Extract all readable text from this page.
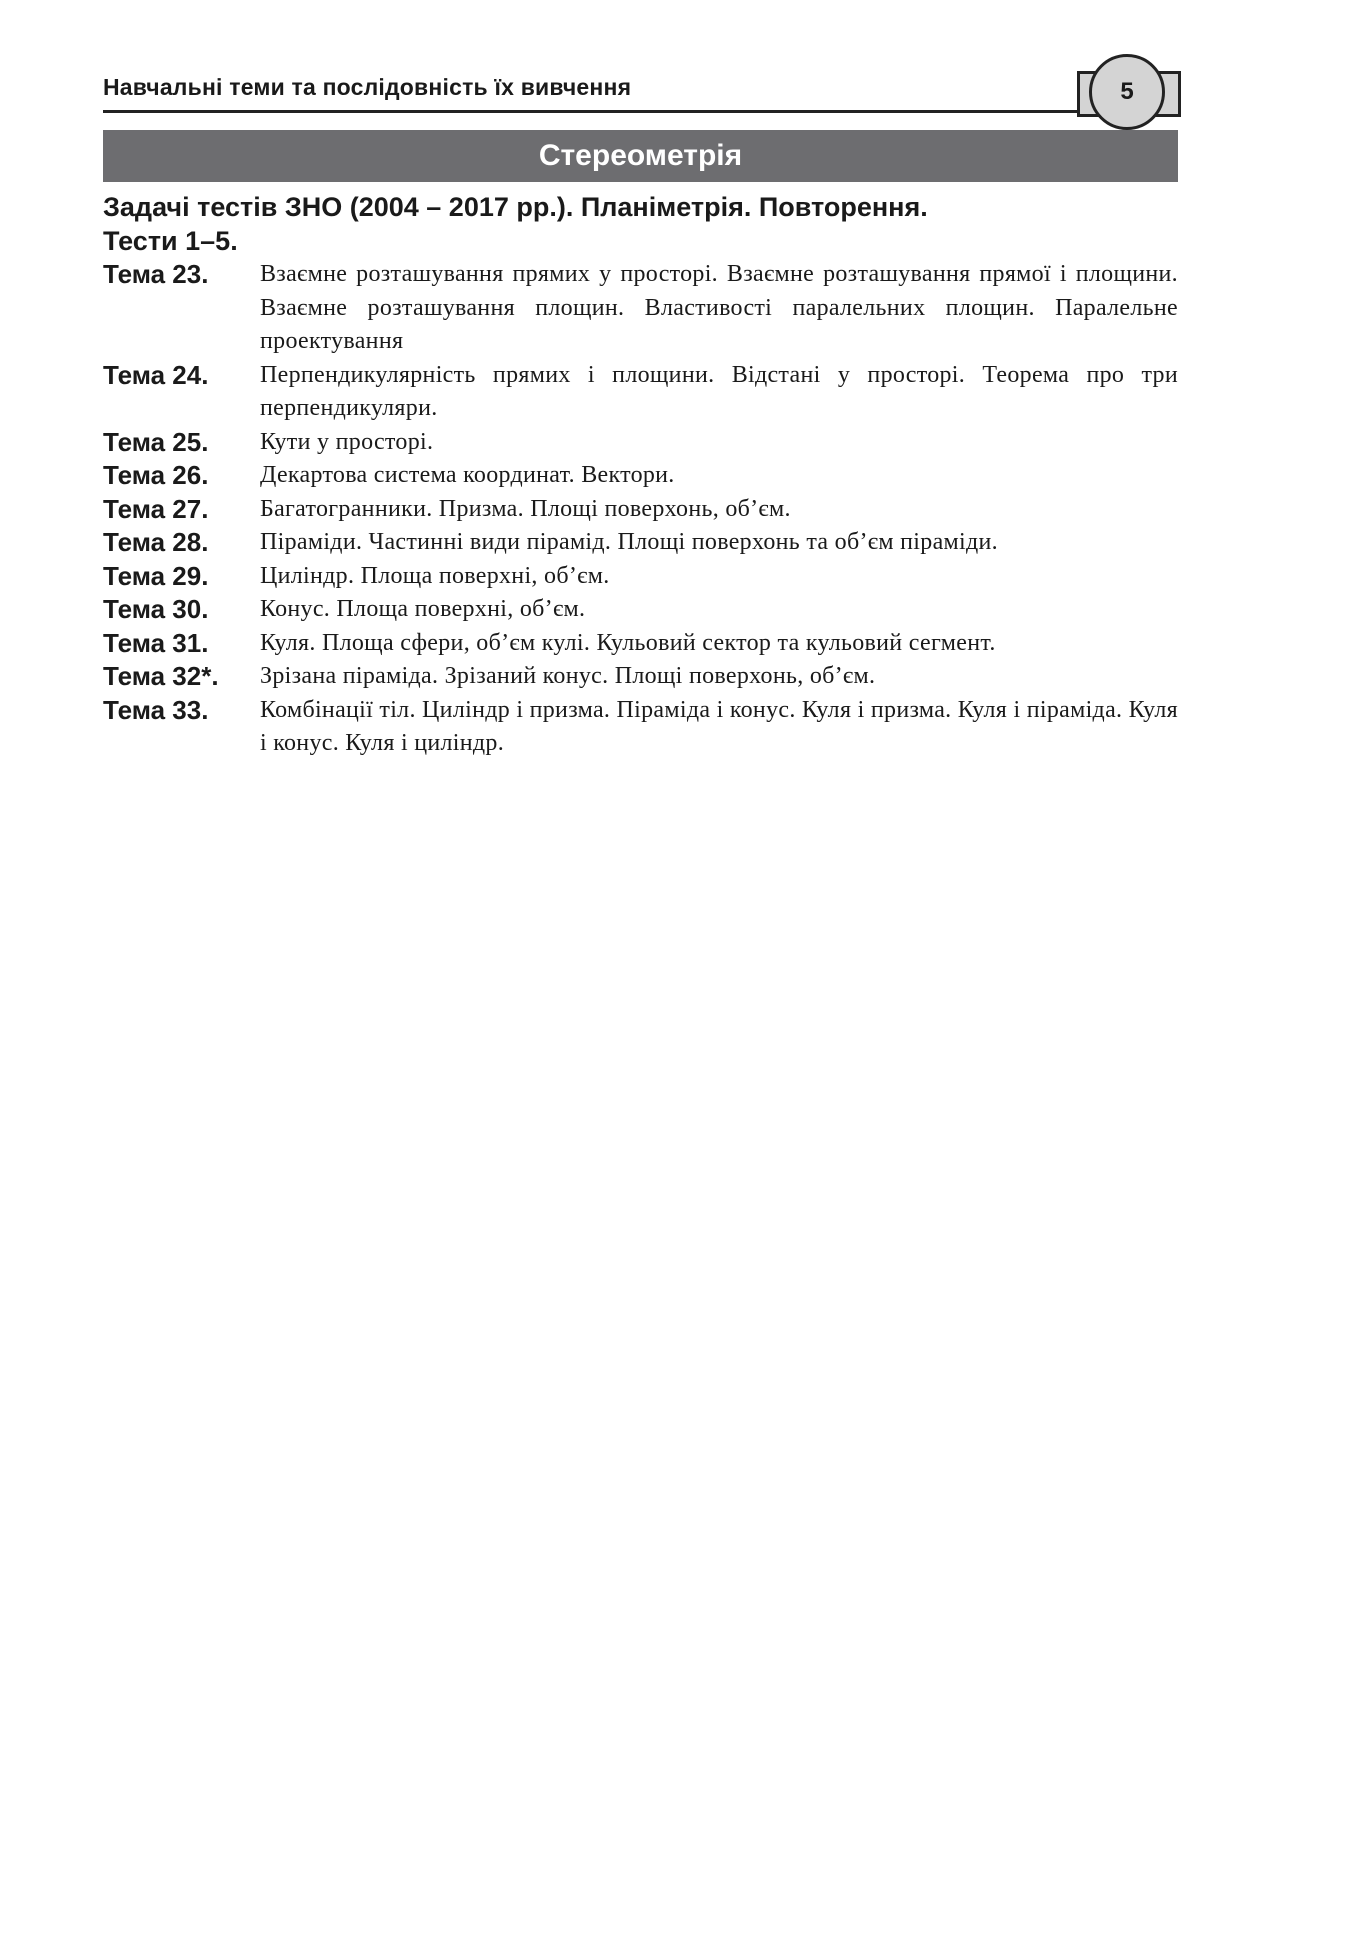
Навчальні теми та послідовність їх вивчення	5
Стереометрія
Задачі тестів ЗНО (2004 – 2017 рр.). Планіметрія. Повторення.
Тести 1–5.
Тема 23.	Взаємне розташування прямих у просторі. Взаємне розташування прямої і площини. Взаємне розташування площин. Властивості паралельних площин. Паралельне проектування
Тема 24.	Перпендикулярність прямих і площини. Відстані у просторі. Теорема про три перпендикуляри.
Тема 25.	Кути у просторі.
Тема 26.	Декартова система координат. Вектори.
Тема 27.	Багатогранники. Призма. Площі поверхонь, об’єм.
Тема 28.	Піраміди. Частинні види пірамід. Площі поверхонь та об’єм піраміди.
Тема 29.	Циліндр. Площа поверхні, об’єм.
Тема 30.	Конус. Площа поверхні, об’єм.
Тема 31.	Куля. Площа сфери, об’єм кулі. Кульовий сектор та кульовий сегмент.
Тема 32*.	Зрізана піраміда. Зрізаний конус. Площі поверхонь, об’єм.
Тема 33.	Комбінації тіл. Циліндр і призма. Піраміда і конус. Куля і призма. Куля і піраміда. Куля і конус. Куля і циліндр.
